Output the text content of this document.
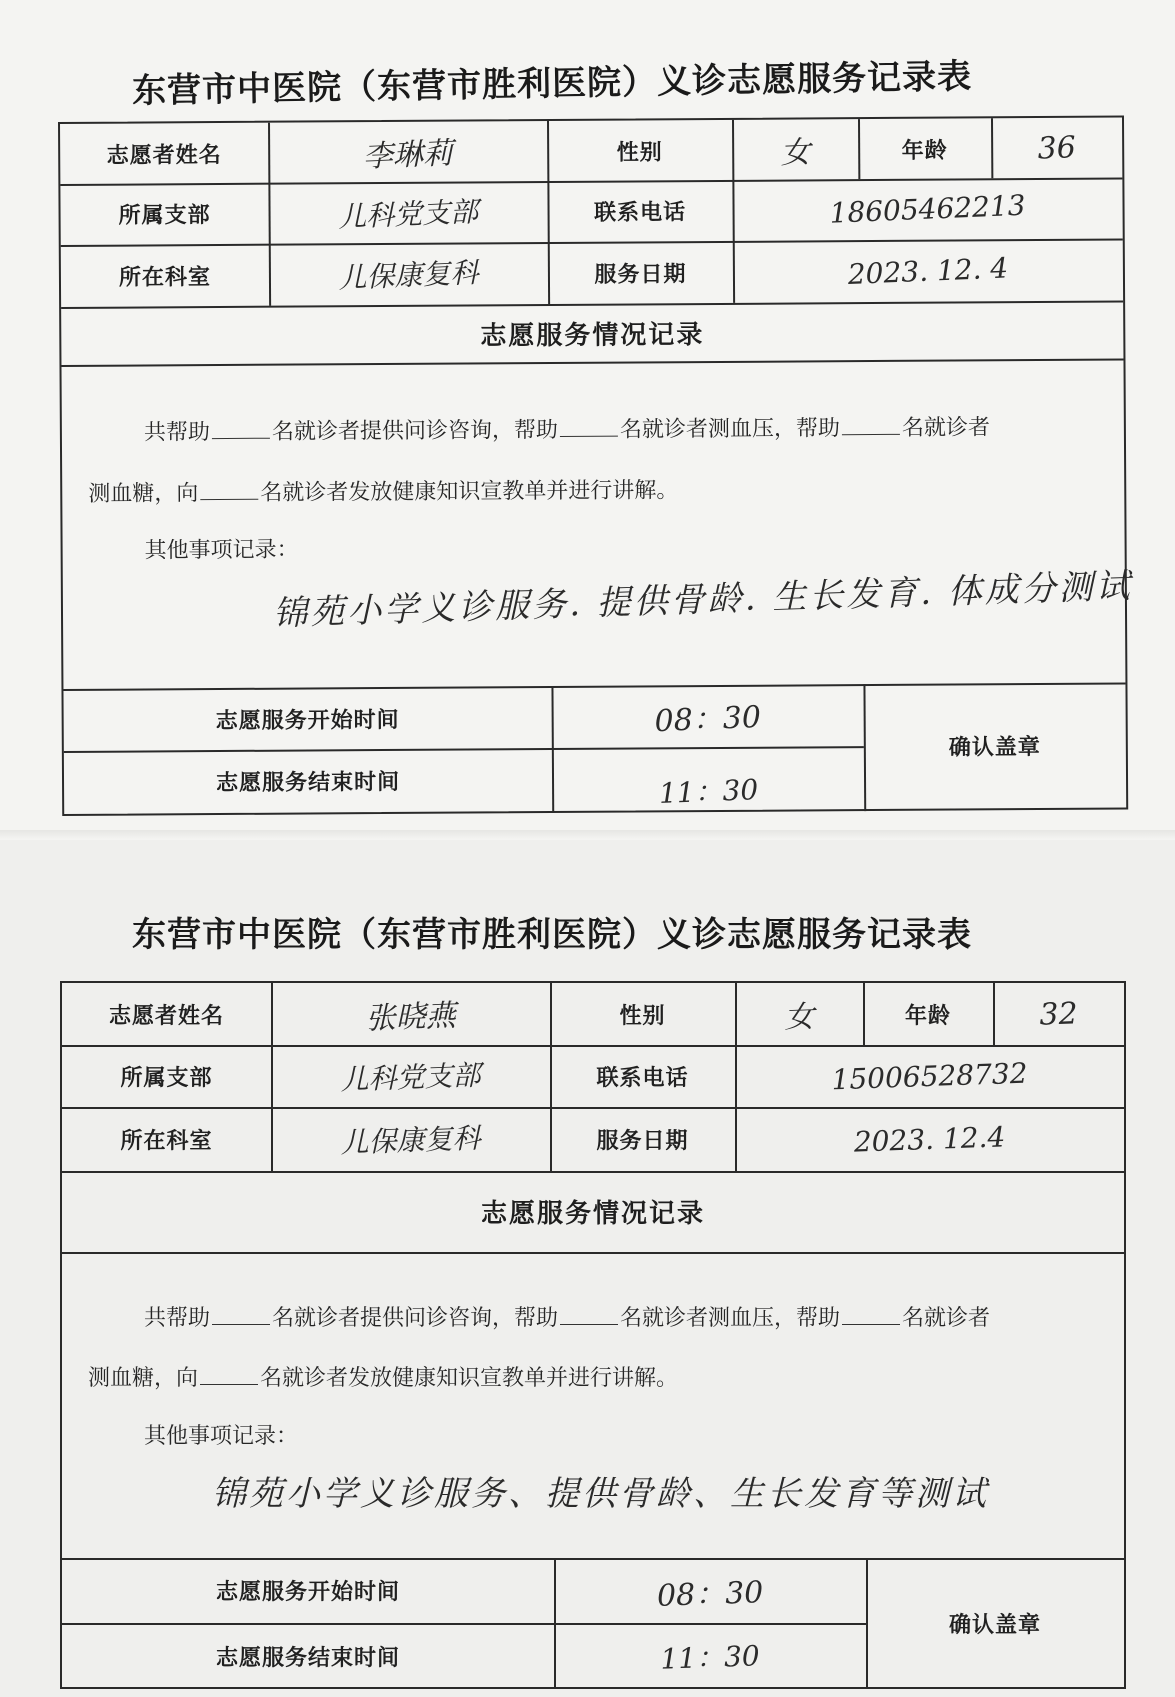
东营市中医院（东营市胜利医院）义诊志愿服务记录表
志愿者姓名	李琳莉	性别	女	年龄	36
所属支部	儿科党支部	联系电话	18605462213
所在科室	儿保康复科	服务日期	2023. 12. 4
志愿服务情况记录
共帮助	名就诊者提供问诊咨询，帮助	名就诊者测血压，帮助	名就诊者
测血糖，向	名就诊者发放健康知识宣教单并进行讲解。
其他事项记录：
锦苑小学义诊服务. 提供骨龄. 生长发育. 体成分测试
志愿服务开始时间	08：30
志愿服务结束时间	11：30
确认盖章
东营市中医院（东营市胜利医院）义诊志愿服务记录表
志愿者姓名	张晓燕	性别	女	年龄	32
所属支部	儿科党支部	联系电话	15006528732
所在科室	儿保康复科	服务日期	2023. 12.4
志愿服务情况记录
共帮助	名就诊者提供问诊咨询，帮助	名就诊者测血压，帮助	名就诊者
测血糖，向	名就诊者发放健康知识宣教单并进行讲解。
其他事项记录：
锦苑小学义诊服务、提供骨龄、生长发育等测试
志愿服务开始时间	08：30
志愿服务结束时间	11：30
确认盖章
